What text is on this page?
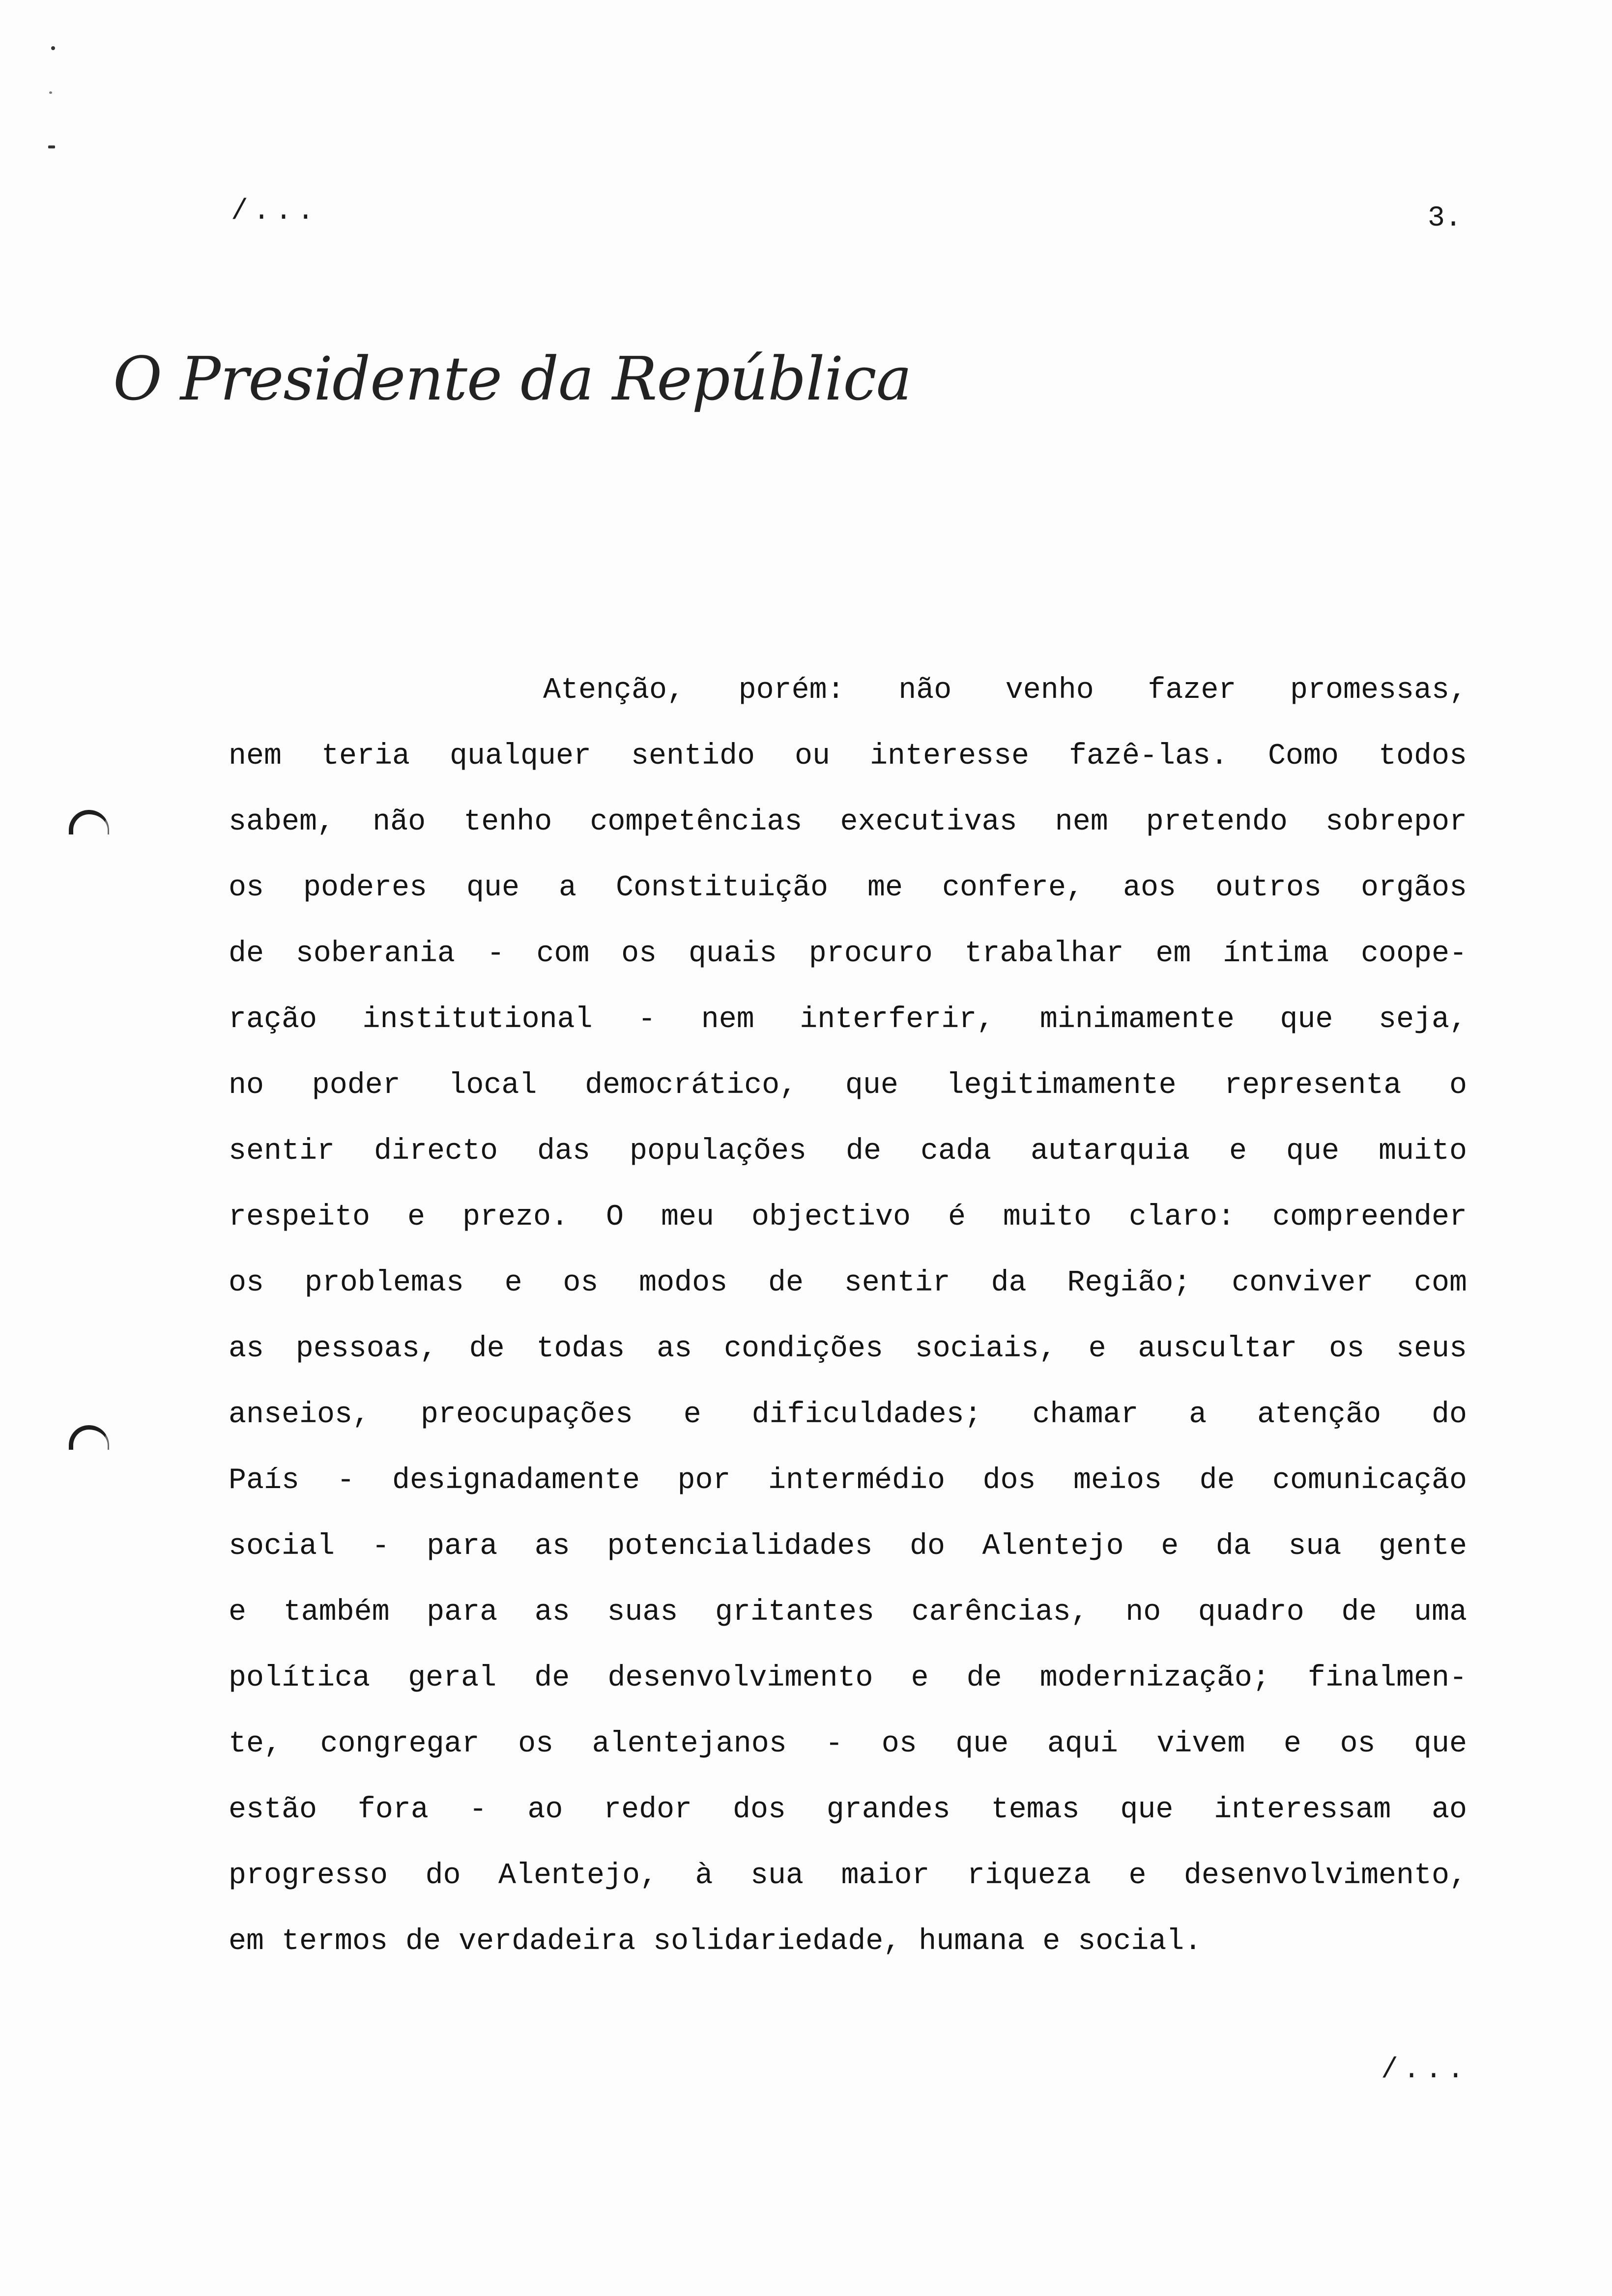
/...	3.
O Presidente da República
Atenção, porém: não venho fazer promessas,
nem teria qualquer sentido ou interesse fazê-las. Como todos
sabem, não tenho competências executivas nem pretendo sobrepor
os poderes que a Constituição me confere, aos outros orgãos
de soberania - com os quais procuro trabalhar em íntima coope-
ração institutional - nem interferir, minimamente que seja,
no poder local democrático, que legitimamente representa o
sentir directo das populações de cada autarquia e que muito
respeito e prezo. O meu objectivo é muito claro: compreender
os problemas e os modos de sentir da Região; conviver com
as pessoas, de todas as condições sociais, e auscultar os seus
anseios, preocupações e dificuldades; chamar a atenção do
País - designadamente por intermédio dos meios de comunicação
social - para as potencialidades do Alentejo e da sua gente
e também para as suas gritantes carências, no quadro de uma
política geral de desenvolvimento e de modernização; finalmen-
te, congregar os alentejanos - os que aqui vivem e os que
estão fora - ao redor dos grandes temas que interessam ao
progresso do Alentejo, à sua maior riqueza e desenvolvimento,
em termos de verdadeira solidariedade, humana e social.
/...
